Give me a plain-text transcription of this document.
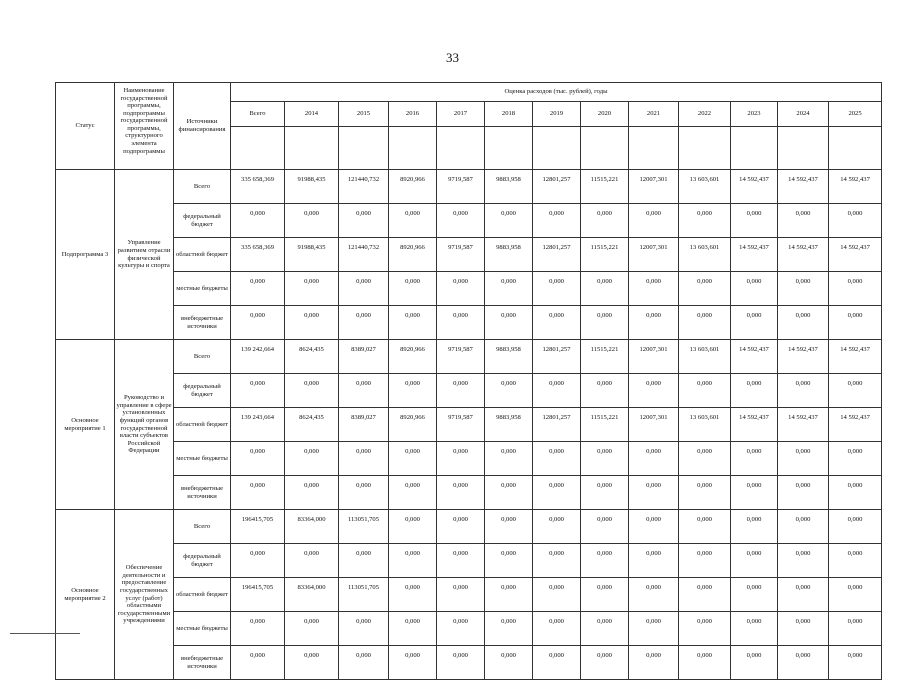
33
Статус	Наименование государственной программы, подпрограммы государственной программы, структурного элемента подпрограммы	Источники финансирования	Оценка расходов (тыс. рублей), годы												
			Всего	2014	2015	2016	2017	2018	2019	2020	2021	2022	2023	2024	2025

Подпрограмма 3	Управление развитием отрасли физической культуры и спорта	Всего	335 658,369	91988,435	121440,732	8920,966	9719,587	9883,958	12801,257	11515,221	12007,301	13 603,601	14 592,437	14 592,437	14 592,437
		федеральный бюджет	0,000	0,000	0,000	0,000	0,000	0,000	0,000	0,000	0,000	0,000	0,000	0,000	0,000
		областной бюджет	335 658,369	91988,435	121440,732	8920,966	9719,587	9883,958	12801,257	11515,221	12007,301	13 603,601	14 592,437	14 592,437	14 592,437
		местные бюджеты	0,000	0,000	0,000	0,000	0,000	0,000	0,000	0,000	0,000	0,000	0,000	0,000	0,000
		внебюджетные источники	0,000	0,000	0,000	0,000	0,000	0,000	0,000	0,000	0,000	0,000	0,000	0,000	0,000
Основное мероприятие 1	Руководство и управление в сфере установленных функций органов государственной власти субъектов Российской Федерации	Всего	139 242,664	8624,435	8389,027	8920,966	9719,587	9883,958	12801,257	11515,221	12007,301	13 603,601	14 592,437	14 592,437	14 592,437
		федеральный бюджет	0,000	0,000	0,000	0,000	0,000	0,000	0,000	0,000	0,000	0,000	0,000	0,000	0,000
		областной бюджет	139 243,664	8624,435	8389,027	8920,966	9719,587	9883,958	12801,257	11515,221	12007,301	13 603,601	14 592,437	14 592,437	14 592,437
		местные бюджеты	0,000	0,000	0,000	0,000	0,000	0,000	0,000	0,000	0,000	0,000	0,000	0,000	0,000
		внебюджетные источники	0,000	0,000	0,000	0,000	0,000	0,000	0,000	0,000	0,000	0,000	0,000	0,000	0,000
Основное мероприятие 2	Обеспечение деятельности и предоставление государственных услуг (работ) областными государственными учреждениями	Всего	196415,705	83364,000	113051,705	0,000	0,000	0,000	0,000	0,000	0,000	0,000	0,000	0,000	0,000
		федеральный бюджет	0,000	0,000	0,000	0,000	0,000	0,000	0,000	0,000	0,000	0,000	0,000	0,000	0,000
		областной бюджет	196415,705	83364,000	113051,705	0,000	0,000	0,000	0,000	0,000	0,000	0,000	0,000	0,000	0,000
		местные бюджеты	0,000	0,000	0,000	0,000	0,000	0,000	0,000	0,000	0,000	0,000	0,000	0,000	0,000
		внебюджетные источники	0,000	0,000	0,000	0,000	0,000	0,000	0,000	0,000	0,000	0,000	0,000	0,000	0,000
